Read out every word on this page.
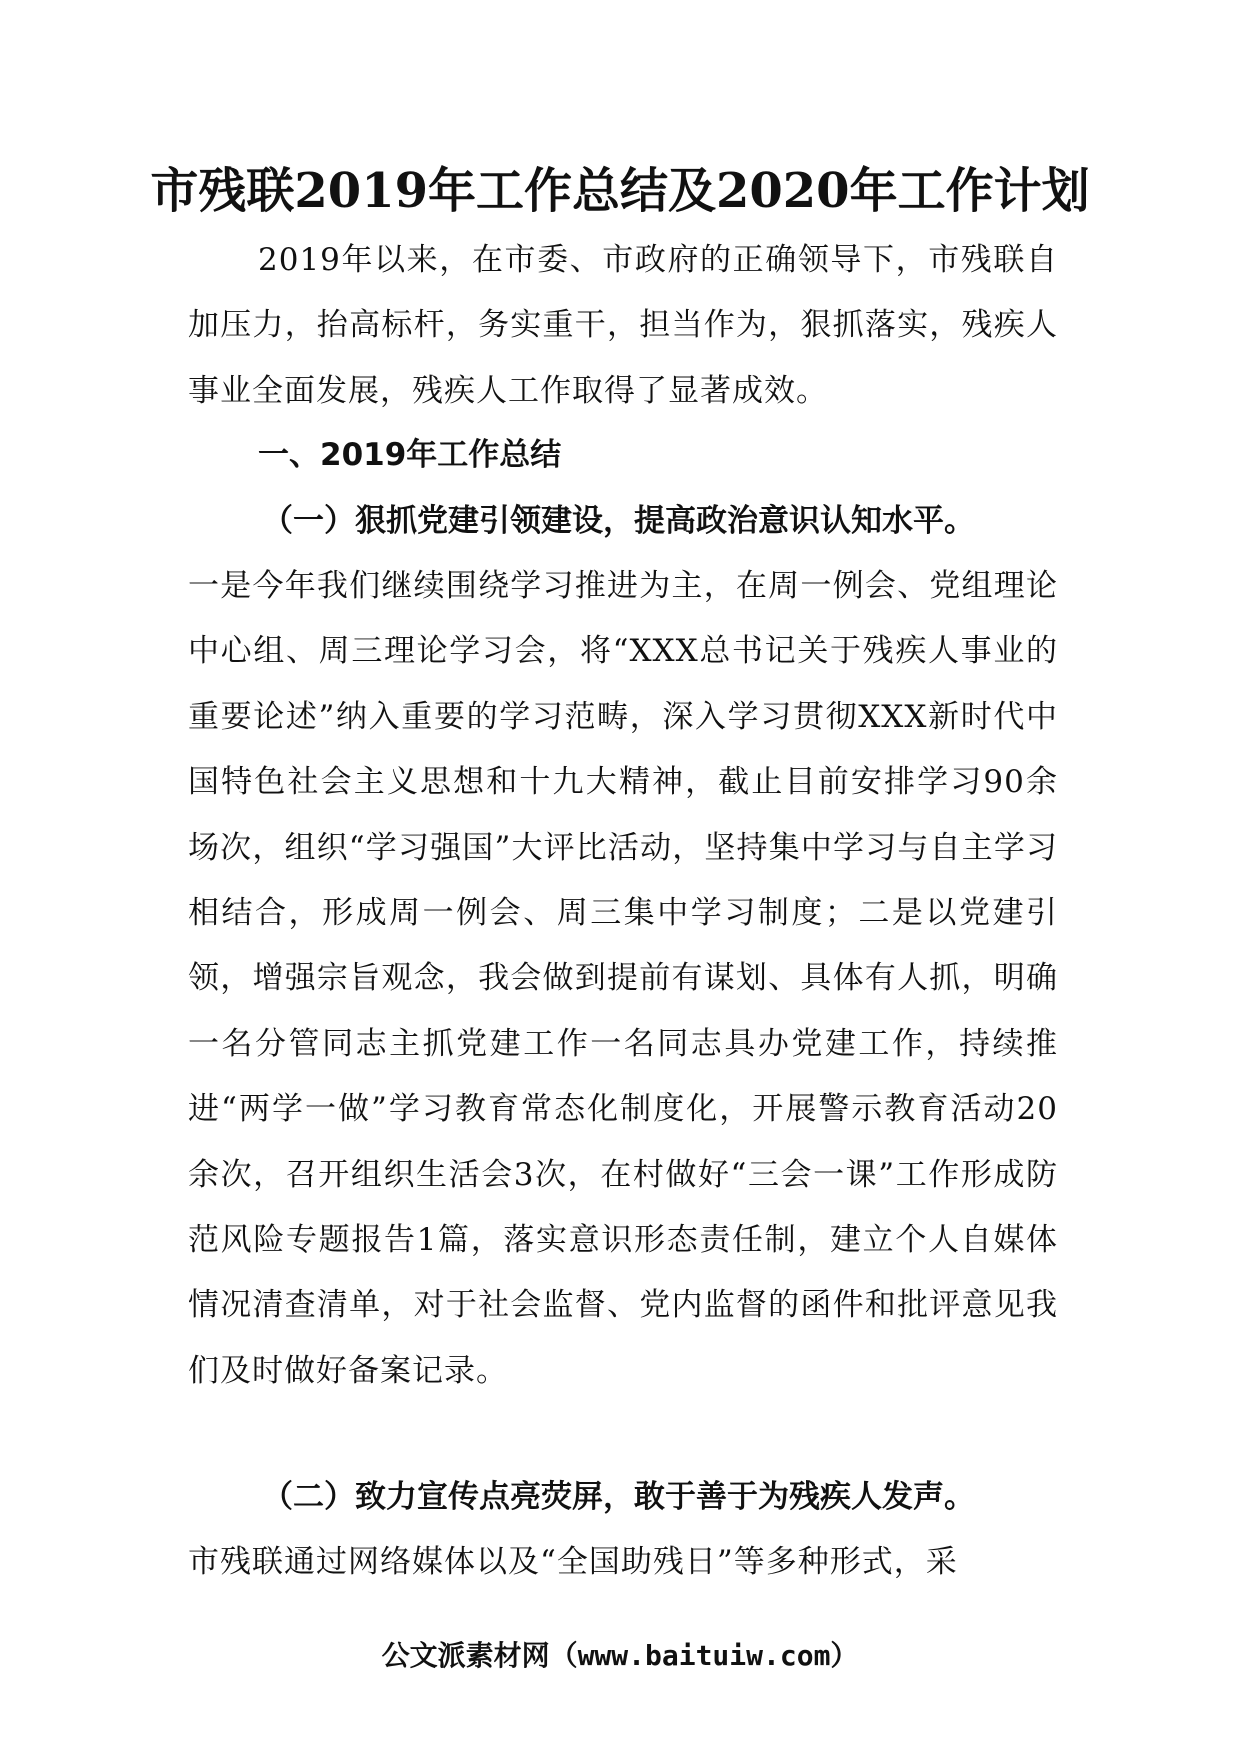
市残联2019年工作总结及2020年工作计划

2019年以来，在市委、市政府的正确领导下，市残联自加压力，抬高标杆，务实重干，担当作为，狠抓落实，残疾人事业全面发展，残疾人工作取得了显著成效。

一、2019年工作总结
（一）狠抓党建引领建设，提高政治意识认知水平。

一是今年我们继续围绕学习推进为主，在周一例会、党组理论中心组、周三理论学习会，将“XXX总书记关于残疾人事业的重要论述”纳入重要的学习范畴，深入学习贯彻XXX新时代中国特色社会主义思想和十九大精神，截止目前安排学习90余场次，组织“学习强国”大评比活动，坚持集中学习与自主学习相结合，形成周一例会、周三集中学习制度；二是以党建引领，增强宗旨观念，我会做到提前有谋划、具体有人抓，明确一名分管同志主抓党建工作一名同志具办党建工作，持续推进“两学一做”学习教育常态化制度化，开展警示教育活动20余次，召开组织生活会3次，在村做好“三会一课”工作形成防范风险专题报告1篇，落实意识形态责任制，建立个人自媒体情况清查清单，对于社会监督、党内监督的函件和批评意见我们及时做好备案记录。

（二）致力宣传点亮荧屏，敢于善于为残疾人发声。

市残联通过网络媒体以及“全国助残日”等多种形式，采

公文派素材网（www.baituiw.com）
